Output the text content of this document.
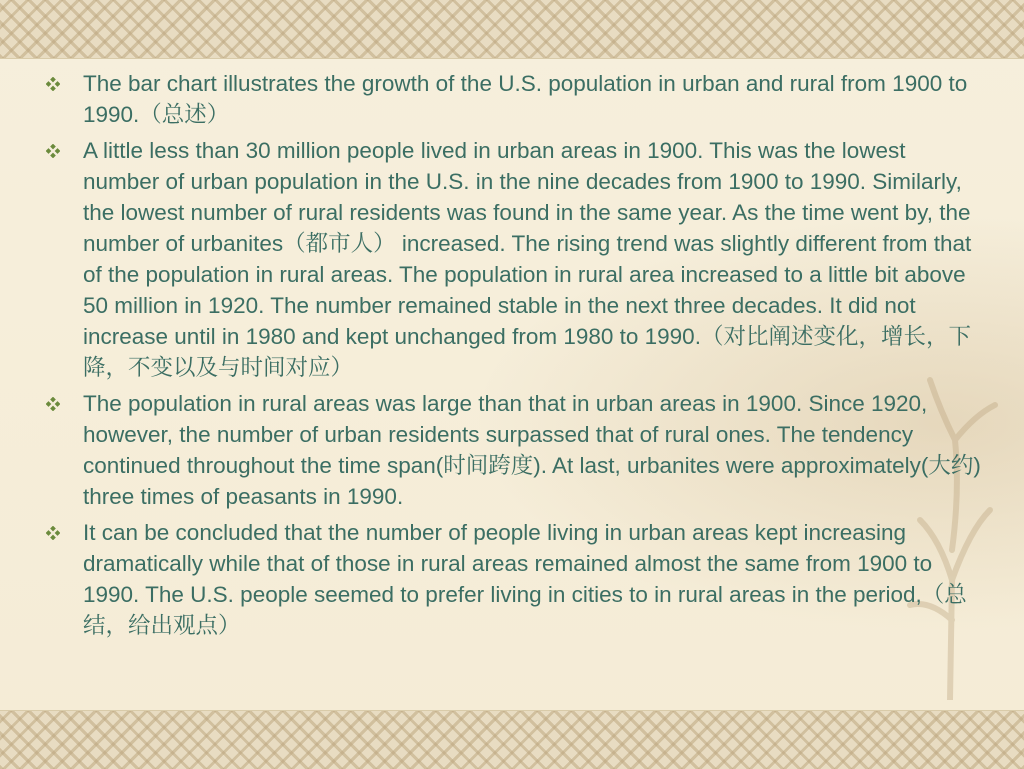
The bar chart illustrates the growth of the U.S. population in urban and rural from 1900 to 1990.（总述）
A little less than 30 million people lived in urban areas in 1900. This was the lowest number of urban population in the U.S. in the nine decades from 1900 to 1990. Similarly, the lowest number of rural residents was found in the same year. As the time went by, the number of urbanites（都市人） increased. The rising trend was slightly different from that of the population in rural areas. The population in rural area increased to a little bit above 50 million in 1920. The number remained stable in the next three decades. It did not increase until in 1980 and kept unchanged from 1980 to 1990.（对比阐述变化，增长，下降，不变以及与时间对应）
The population in rural areas was large than that in urban areas in 1900. Since 1920, however, the number of urban residents surpassed that of rural ones. The tendency continued throughout the time span(时间跨度). At last, urbanites were approximately(大约) three times of peasants in 1990.
It can be concluded that the number of people living in urban areas kept increasing dramatically while that of those in rural areas remained almost the same from 1900 to 1990. The U.S. people seemed to prefer living in cities to in rural areas in the period,（总结，给出观点）
